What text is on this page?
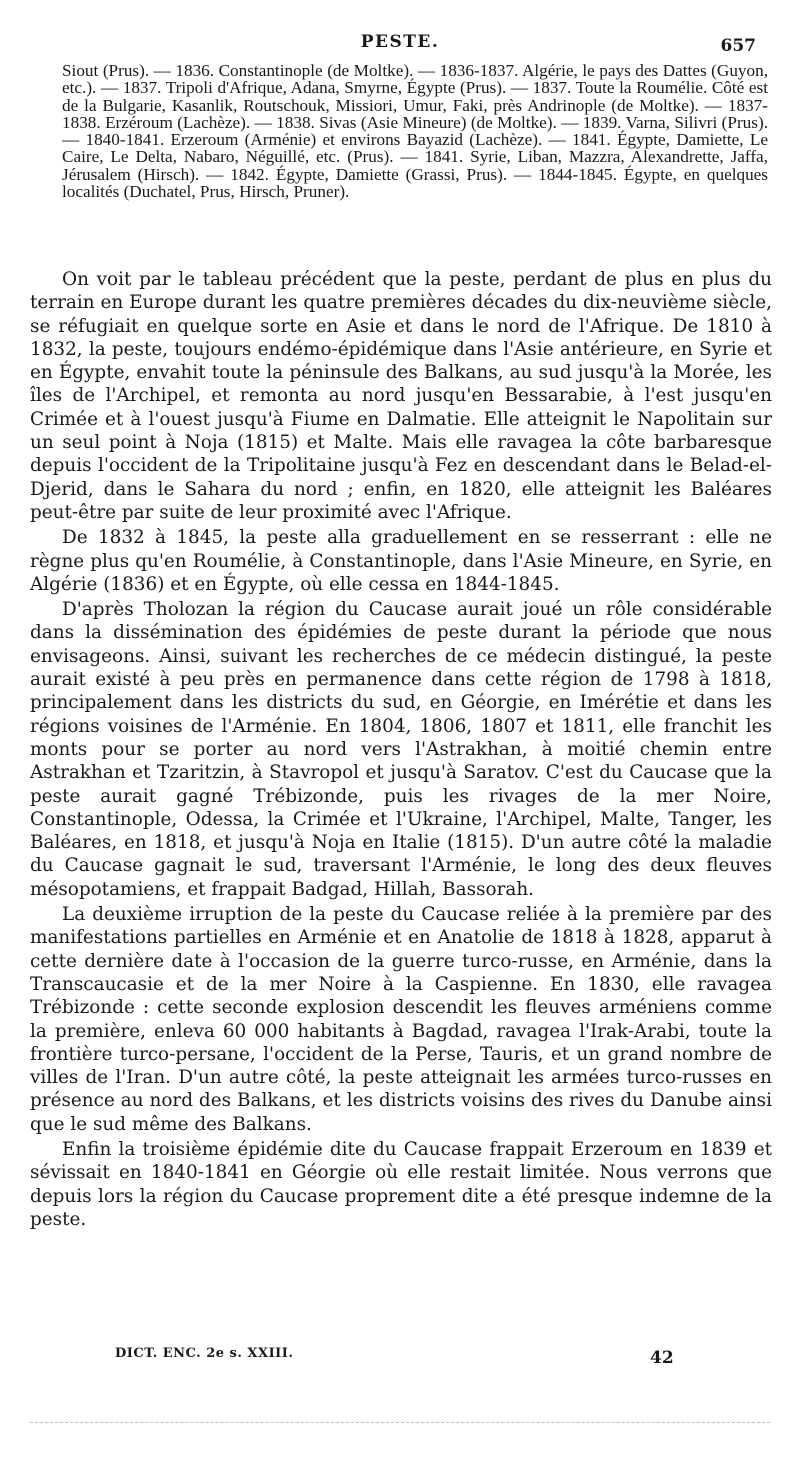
PESTE.	657

Siout (Prus). — 1836. Constantinople (de Moltke). — 1836-1837. Algérie, le pays des Dattes (Guyon, etc.). — 1837. Tripoli d'Afrique, Adana, Smyrne, Égypte (Prus). — 1837. Toute la Roumélie. Côté est de la Bulgarie, Kasanlik, Routschouk, Missiori, Umur, Faki, près Andrinople (de Moltke). — 1837-1838. Erzéroum (Lachèze). — 1838. Sivas (Asie Mineure) (de Moltke). — 1839. Varna, Silivri (Prus). — 1840-1841. Erzeroum (Arménie) et environs Bayazid (Lachèze). — 1841. Égypte, Damiette, Le Caire, Le Delta, Nabaro, Néguillé, etc. (Prus). — 1841. Syrie, Liban, Mazzra, Alexandrette, Jaffa, Jérusalem (Hirsch). — 1842. Égypte, Damiette (Grassi, Prus). — 1844-1845. Égypte, en quelques localités (Duchatel, Prus, Hirsch, Pruner).

On voit par le tableau précédent que la peste, perdant de plus en plus du terrain en Europe durant les quatre premières décades du dix-neuvième siècle, se réfugiait en quelque sorte en Asie et dans le nord de l'Afrique. De 1810 à 1832, la peste, toujours endémo-épidémique dans l'Asie antérieure, en Syrie et en Égypte, envahit toute la péninsule des Balkans, au sud jusqu'à la Morée, les îles de l'Archipel, et remonta au nord jusqu'en Bessarabie, à l'est jusqu'en Crimée et à l'ouest jusqu'à Fiume en Dalmatie. Elle atteignit le Napolitain sur un seul point à Noja (1815) et Malte. Mais elle ravagea la côte barbaresque depuis l'occident de la Tripolitaine jusqu'à Fez en descendant dans le Belad-el-Djerid, dans le Sahara du nord ; enfin, en 1820, elle atteignit les Baléares peut-être par suite de leur proximité avec l'Afrique.

De 1832 à 1845, la peste alla graduellement en se resserrant : elle ne règne plus qu'en Roumélie, à Constantinople, dans l'Asie Mineure, en Syrie, en Algérie (1836) et en Égypte, où elle cessa en 1844-1845.

D'après Tholozan la région du Caucase aurait joué un rôle considérable dans la dissémination des épidémies de peste durant la période que nous envisageons. Ainsi, suivant les recherches de ce médecin distingué, la peste aurait existé à peu près en permanence dans cette région de 1798 à 1818, principalement dans les districts du sud, en Géorgie, en Imérétie et dans les régions voisines de l'Arménie. En 1804, 1806, 1807 et 1811, elle franchit les monts pour se porter au nord vers l'Astrakhan, à moitié chemin entre Astrakhan et Tzaritzin, à Stavropol et jusqu'à Saratov. C'est du Caucase que la peste aurait gagné Trébizonde, puis les rivages de la mer Noire, Constantinople, Odessa, la Crimée et l'Ukraine, l'Archipel, Malte, Tanger, les Baléares, en 1818, et jusqu'à Noja en Italie (1815). D'un autre côté la maladie du Caucase gagnait le sud, traversant l'Arménie, le long des deux fleuves mésopotamiens, et frappait Badgad, Hillah, Bassorah.

La deuxième irruption de la peste du Caucase reliée à la première par des manifestations partielles en Arménie et en Anatolie de 1818 à 1828, apparut à cette dernière date à l'occasion de la guerre turco-russe, en Arménie, dans la Transcaucasie et de la mer Noire à la Caspienne. En 1830, elle ravagea Trébizonde : cette seconde explosion descendit les fleuves arméniens comme la première, enleva 60 000 habitants à Bagdad, ravagea l'Irak-Arabi, toute la frontière turco-persane, l'occident de la Perse, Tauris, et un grand nombre de villes de l'Iran. D'un autre côté, la peste atteignait les armées turco-russes en présence au nord des Balkans, et les districts voisins des rives du Danube ainsi que le sud même des Balkans.

Enfin la troisième épidémie dite du Caucase frappait Erzeroum en 1839 et sévissait en 1840-1841 en Géorgie où elle restait limitée. Nous verrons que depuis lors la région du Caucase proprement dite a été presque indemne de la peste.

DICT. ENC. 2e s. XXIII.	42
